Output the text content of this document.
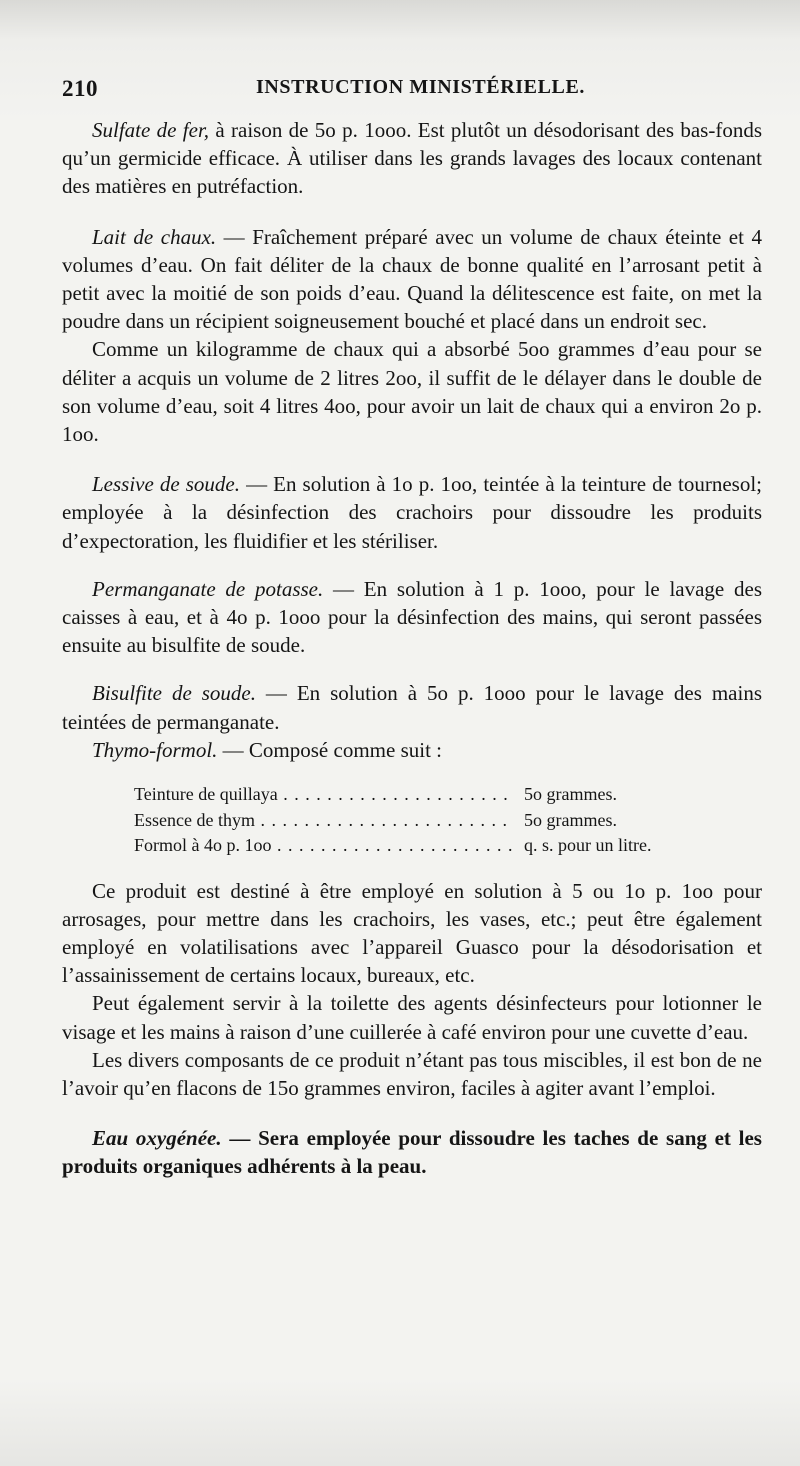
210	INSTRUCTION MINISTÉRIELLE.

Sulfate de fer, à raison de 5o p. 1ooo. Est plutôt un désodorisant des bas-fonds qu’un germicide efficace. À utiliser dans les grands lavages des locaux contenant des matières en putréfaction.

Lait de chaux. — Fraîchement préparé avec un volume de chaux éteinte et 4 volumes d’eau. On fait déliter de la chaux de bonne qualité en l’arrosant petit à petit avec la moitié de son poids d’eau. Quand la délitescence est faite, on met la poudre dans un récipient soigneusement bouché et placé dans un endroit sec.

Comme un kilogramme de chaux qui a absorbé 5oo grammes d’eau pour se déliter a acquis un volume de 2 litres 2oo, il suffit de le délayer dans le double de son volume d’eau, soit 4 litres 4oo, pour avoir un lait de chaux qui a environ 2o p. 1oo.

Lessive de soude. — En solution à 1o p. 1oo, teintée à la teinture de tournesol; employée à la désinfection des crachoirs pour dissoudre les produits d’expectoration, les fluidifier et les stériliser.

Permanganate de potasse. — En solution à 1 p. 1ooo, pour le lavage des caisses à eau, et à 4o p. 1ooo pour la désinfection des mains, qui seront passées ensuite au bisulfite de soude.

Bisulfite de soude. — En solution à 5o p. 1ooo pour le lavage des mains teintées de permanganate.

Thymo-formol. — Composé comme suit :

Teinture de quillaya . . .	5o grammes.
Essence de thym . . .	5o grammes.
Formol à 4o p. 1oo . . .	q. s. pour un litre.

Ce produit est destiné à être employé en solution à 5 ou 1o p. 1oo pour arrosages, pour mettre dans les crachoirs, les vases, etc.; peut être également employé en volatilisations avec l’appareil Guasco pour la désodorisation et l’assainissement de certains locaux, bureaux, etc.

Peut également servir à la toilette des agents désinfecteurs pour lotionner le visage et les mains à raison d’une cuillerée à café environ pour une cuvette d’eau.

Les divers composants de ce produit n’étant pas tous miscibles, il est bon de ne l’avoir qu’en flacons de 15o grammes environ, faciles à agiter avant l’emploi.

Eau oxygénée. — Sera employée pour dissoudre les taches de sang et les produits organiques adhérents à la peau.
